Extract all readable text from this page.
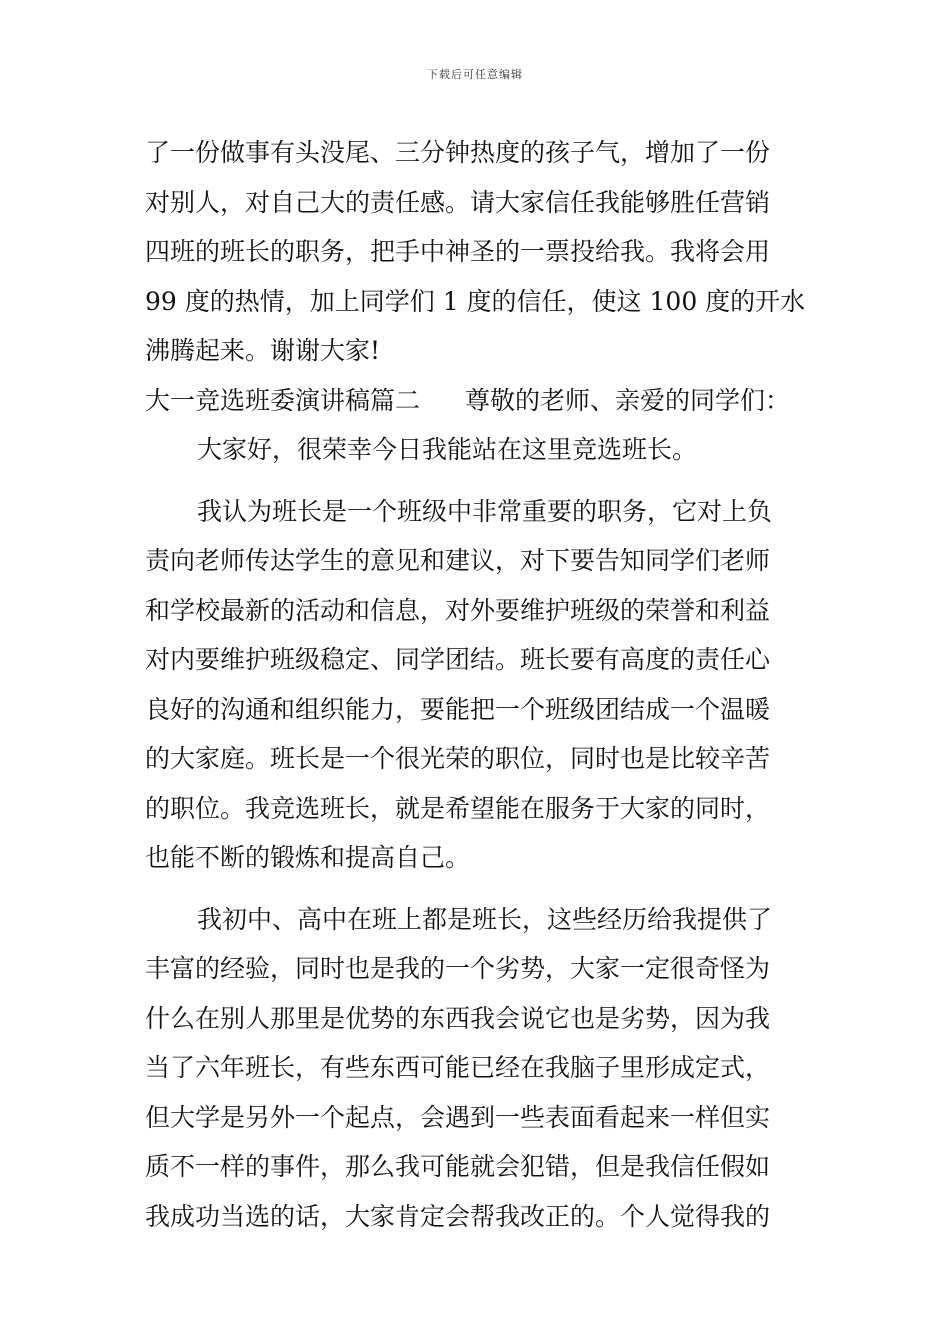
下载后可任意编辑
了一份做事有头没尾、三分钟热度的孩子气，增加了一份
对别人，对自己大的责任感。请大家信任我能够胜任营销
四班的班长的职务，把手中神圣的一票投给我。我将会用
99 度的热情，加上同学们 1 度的信任，使这 100 度的开水
沸腾起来。谢谢大家!
大一竞选班委演讲稿篇二 尊敬的老师、亲爱的同学们：
大家好，很荣幸今日我能站在这里竞选班长。
我认为班长是一个班级中非常重要的职务，它对上负
责向老师传达学生的意见和建议，对下要告知同学们老师
和学校最新的活动和信息，对外要维护班级的荣誉和利益
对内要维护班级稳定、同学团结。班长要有高度的责任心
良好的沟通和组织能力，要能把一个班级团结成一个温暖
的大家庭。班长是一个很光荣的职位，同时也是比较辛苦
的职位。我竞选班长，就是希望能在服务于大家的同时，
也能不断的锻炼和提高自己。
我初中、高中在班上都是班长，这些经历给我提供了
丰富的经验，同时也是我的一个劣势，大家一定很奇怪为
什么在别人那里是优势的东西我会说它也是劣势，因为我
当了六年班长，有些东西可能已经在我脑子里形成定式，
但大学是另外一个起点，会遇到一些表面看起来一样但实
质不一样的事件，那么我可能就会犯错，但是我信任假如
我成功当选的话，大家肯定会帮我改正的。个人觉得我的
